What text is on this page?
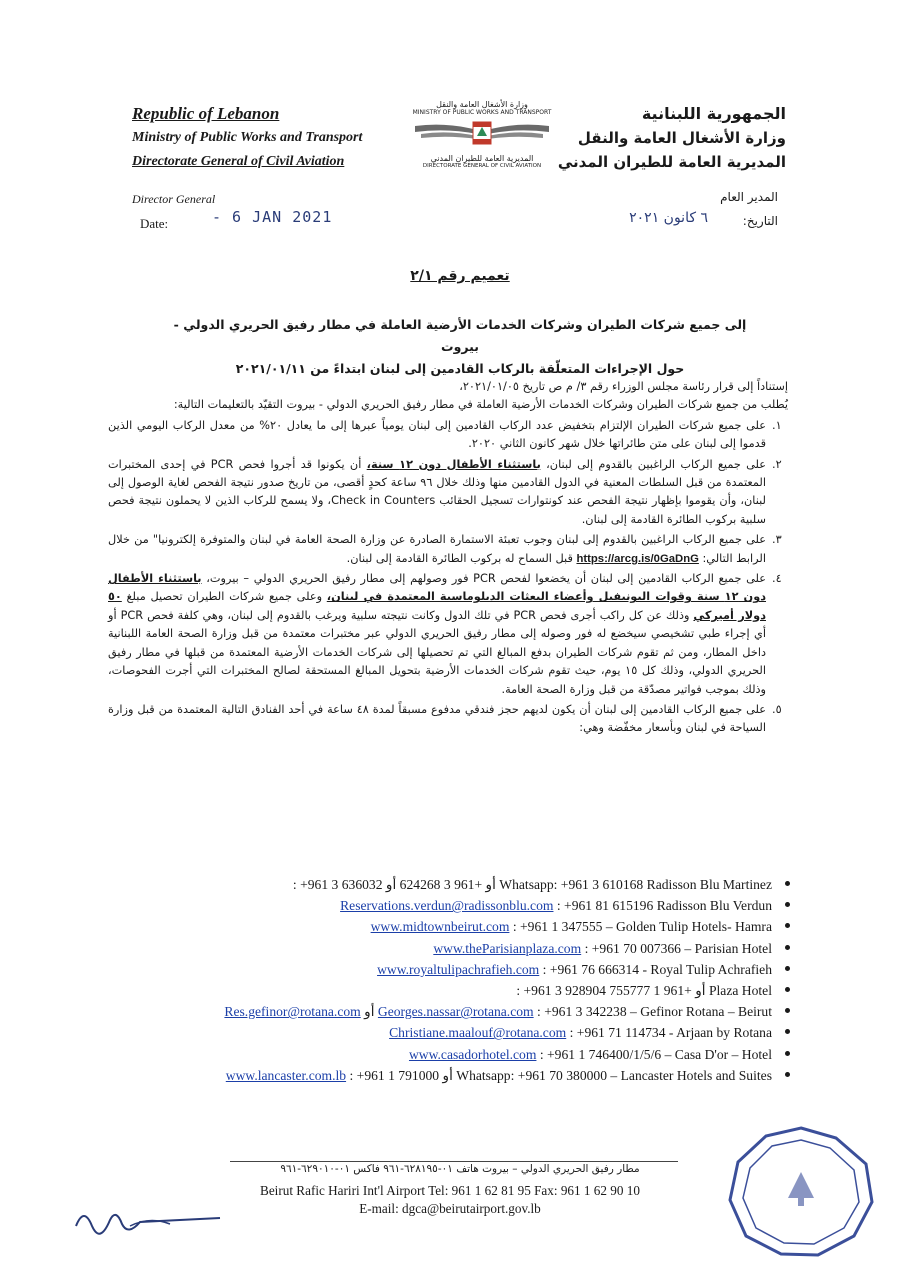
Republic of Lebanon
Ministry of Public Works and Transport
Directorate General of Civil Aviation
وزارة الأشغال العامة والنقل
MINISTRY OF PUBLIC WORKS AND TRANSPORT
المديرية العامة للطيران المدني
DIRECTORATE GENERAL OF CIVIL AVIATION
الجمهورية اللبنانية
وزارة الأشغال العامة والنقل
المديرية العامة للطيران المدني
Director General
Date:	- 6 JAN 2021
المدير العام
التاريخ:
٦ كانون ٢٠٢١
تعميم رقم ٢/١
إلى جميع شركات الطيران وشركات الخدمات الأرضية العاملة في مطار رفيق الحريري الدولي - بيروت
حول الإجراءات المتعلّقة بالركاب القادمين إلى لبنان ابتداءً من ٢٠٢١/٠١/١١

إستناداً إلى قرار رئاسة مجلس الوزراء رقم ٣/ م ص تاريخ ٢٠٢١/٠١/٠٥،

يُطلب من جميع شركات الطيران وشركات الخدمات الأرضية العاملة في مطار رفيق الحريري الدولي - بيروت التقيّد بالتعليمات التالية:

١.
على جميع شركات الطيران الإلتزام بتخفيض عدد الركاب القادمين إلى لبنان يومياً عبرها إلى ما يعادل ٢٠% من معدل الركاب اليومي الذين قدموا إلى لبنان على متن طائراتها خلال شهر كانون الثاني ٢٠٢٠.
٢.
على جميع الركاب الراغبين بالقدوم إلى لبنان، باستثناء الأطفال دون ١٢ سنة، أن يكونوا قد أجروا فحص PCR في إحدى المختبرات المعتمدة من قبل السلطات المعنية في الدول القادمين منها وذلك خلال ٩٦ ساعة كحدٍ أقصى، من تاريخ صدور نتيجة الفحص لغاية الوصول إلى لبنان، وأن يقوموا بإظهار نتيجة الفحص عند كونتوارات تسجيل الحقائب Check in Counters، ولا يسمح للركاب الذين لا يحملون نتيجة فحص سلبية بركوب الطائرة القادمة إلى لبنان.
٣.
على جميع الركاب الراغبين بالقدوم إلى لبنان وجوب تعبئة الاستمارة الصادرة عن وزارة الصحة العامة في لبنان والمتوفرة إلكترونيا" من خلال الرابط التالي: https://arcg.is/0GaDnG قبل السماح له بركوب الطائرة القادمة إلى لبنان.
٤.
على جميع الركاب القادمين إلى لبنان أن يخضعوا لفحص PCR فور وصولهم إلى مطار رفيق الحريري الدولي – بيروت، باستثناء الأطفال دون ١٢ سنة وقوات اليونيفيل وأعضاء البعثات الدبلوماسية المعتمدة في لبنان، وعلى جميع شركات الطيران تحصيل مبلغ ٥٠ دولار أميركي وذلك عن كل راكب أجرى فحص PCR في تلك الدول وكانت نتيجته سلبية ويرغب بالقدوم إلى لبنان، وهي كلفة فحص PCR أو أي إجراء طبي تشخيصي سيخضع له فور وصوله إلى مطار رفيق الحريري الدولي عبر مختبرات معتمدة من قبل وزارة الصحة العامة اللبنانية داخل المطار، ومن ثم تقوم شركات الطيران بدفع المبالغ التي تم تحصيلها إلى شركات الخدمات الأرضية المعتمدة من قبلها في مطار رفيق الحريري الدولي، وذلك كل ١٥ يوم، حيث تقوم شركات الخدمات الأرضية بتحويل المبالغ المستحقة لصالح المختبرات التي أجرت الفحوصات، وذلك بموجب فواتير مصدّقة من قبل وزارة الصحة العامة.
٥.
على جميع الركاب القادمين إلى لبنان أن يكون لديهم حجز فندقي مدفوع مسبقاً لمدة ٤٨ ساعة في أحد الفنادق التالية المعتمدة من قبل وزارة السياحة في لبنان وبأسعار مخفّضة وهي:
: +961 3 636032 أو +961 3 624268 أو Whatsapp: +961 3 610168 Radisson Blu Martinez
Reservations.verdun@radissonblu.com : +961 81 615196 Radisson Blu Verdun
www.midtownbeirut.com : +961 1 347555 – Golden Tulip Hotels- Hamra
www.theParisianplaza.com : +961 70 007366 – Parisian Hotel
www.royaltulipachrafieh.com : +961 76 666314 - Royal Tulip Achrafieh
: +961 3 928904 أو +961 1 755777 Plaza Hotel
Res.gefinor@rotana.com أو Georges.nassar@rotana.com : +961 3 342238 – Gefinor Rotana – Beirut
Christiane.maalouf@rotana.com : +961 71 114734 - Arjaan by Rotana
www.casadorhotel.com : +961 1 746400/1/5/6 – Casa D'or – Hotel
www.lancaster.com.lb : +961 1 791000 أو Whatsapp: +961 70 380000 – Lancaster Hotels and Suites
مطار رفيق الحريري الدولي – بيروت هاتف ٠١-٦٢٨١٩٥-٩٦١ فاكس ٠١-٦٢٩٠١٠-٩٦١
Beirut Rafic Hariri Int'l Airport Tel: 961 1 62 81 95 Fax: 961 1 62 90 10
E-mail: dgca@beirutairport.gov.lb
